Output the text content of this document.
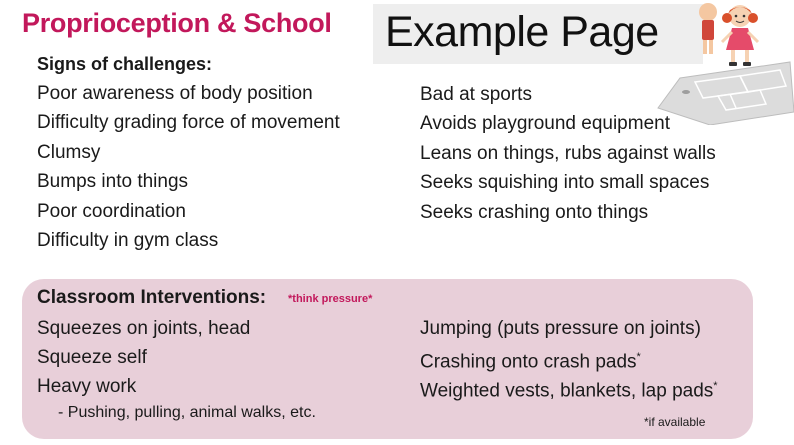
Proprioception & School Example Page
Signs of challenges:
Poor awareness of body position
Difficulty grading force of movement
Clumsy
Bumps into things
Poor coordination
Difficulty in gym class
Bad at sports
Avoids playground equipment
Leans on things, rubs against walls
Seeks squishing into small spaces
Seeks crashing onto things
Classroom Interventions: *think pressure*
Squeezes on joints, head
Squeeze self
Heavy work
- Pushing, pulling, animal walks, etc.
Jumping (puts pressure on joints)
Crashing onto crash pads*
Weighted vests, blankets, lap pads*
*if available
